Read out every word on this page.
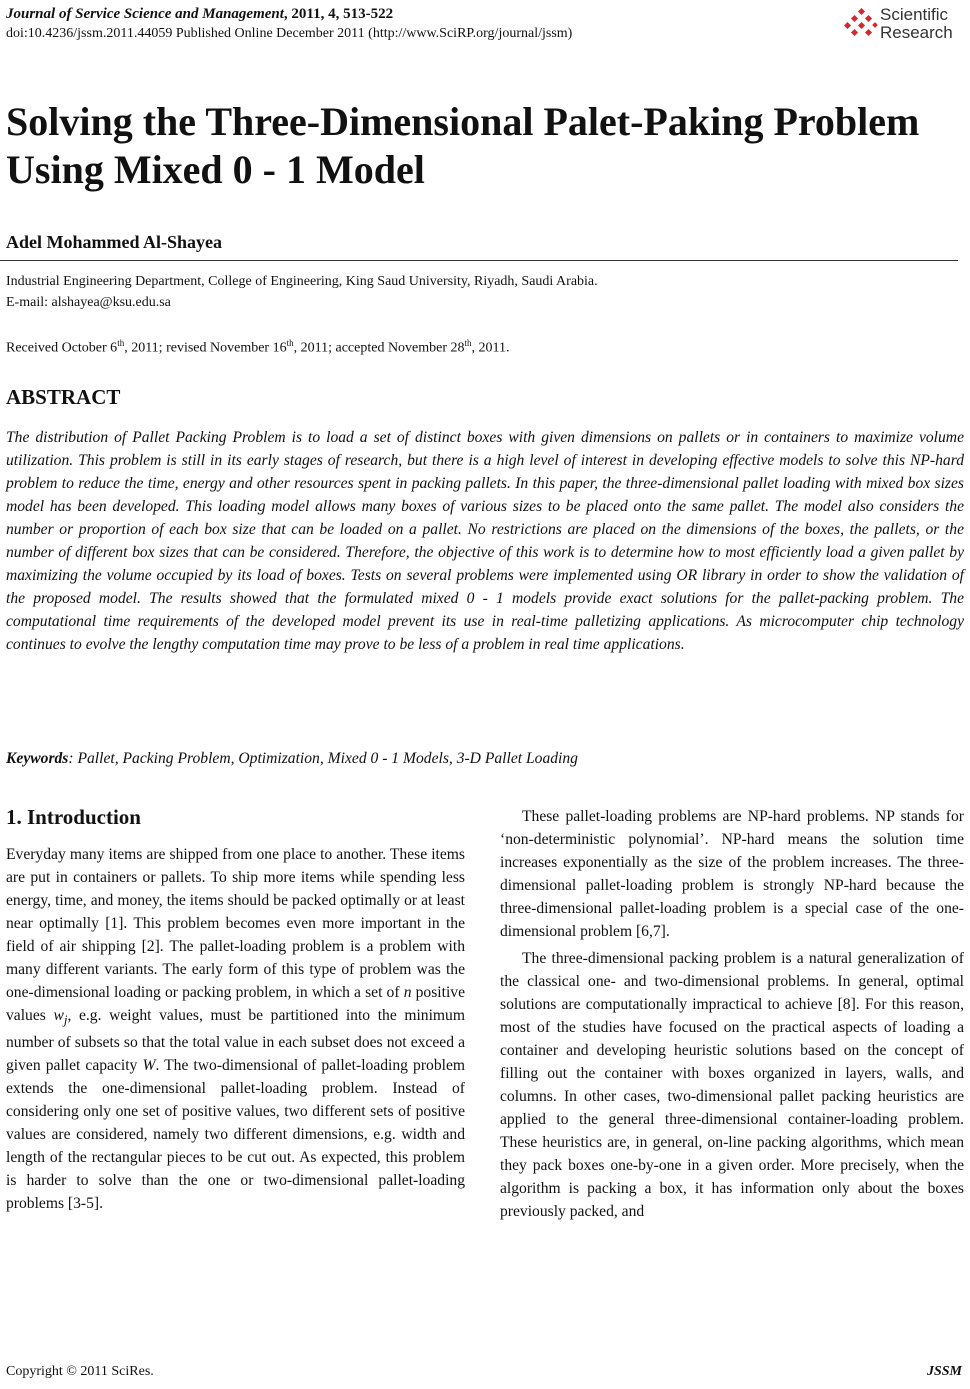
Journal of Service Science and Management, 2011, 4, 513-522
doi:10.4236/jssm.2011.44059 Published Online December 2011 (http://www.SciRP.org/journal/jssm)
Scientific
Research
Solving the Three-Dimensional Palet-Paking Problem Using Mixed 0 - 1 Model
Adel Mohammed Al-Shayea
Industrial Engineering Department, College of Engineering, King Saud University, Riyadh, Saudi Arabia.
E-mail: alshayea@ksu.edu.sa
Received October 6th, 2011; revised November 16th, 2011; accepted November 28th, 2011.
ABSTRACT
The distribution of Pallet Packing Problem is to load a set of distinct boxes with given dimensions on pallets or in containers to maximize volume utilization. This problem is still in its early stages of research, but there is a high level of interest in developing effective models to solve this NP-hard problem to reduce the time, energy and other resources spent in packing pallets. In this paper, the three-dimensional pallet loading with mixed box sizes model has been developed. This loading model allows many boxes of various sizes to be placed onto the same pallet. The model also considers the number or proportion of each box size that can be loaded on a pallet. No restrictions are placed on the dimensions of the boxes, the pallets, or the number of different box sizes that can be considered. Therefore, the objective of this work is to determine how to most efficiently load a given pallet by maximizing the volume occupied by its load of boxes. Tests on several problems were implemented using OR library in order to show the validation of the proposed model. The results showed that the formulated mixed 0 - 1 models provide exact solutions for the pallet-packing problem. The computational time requirements of the developed model prevent its use in real-time palletizing applications. As microcomputer chip technology continues to evolve the lengthy computation time may prove to be less of a problem in real time applications.
Keywords: Pallet, Packing Problem, Optimization, Mixed 0 - 1 Models, 3-D Pallet Loading
1. Introduction

Everyday many items are shipped from one place to another. These items are put in containers or pallets. To ship more items while spending less energy, time, and money, the items should be packed optimally or at least near optimally [1]. This problem becomes even more important in the field of air shipping [2]. The pallet-loading problem is a problem with many different variants. The early form of this type of problem was the one-dimensional loading or packing problem, in which a set of n positive values $w_j$, e.g. weight values, must be partitioned into the minimum number of subsets so that the total value in each subset does not exceed a given pallet capacity W. The two-dimensional of pallet-loading problem extends the one-dimensional pallet-loading problem. Instead of considering only one set of positive values, two different sets of positive values are considered, namely two different dimensions, e.g. width and length of the rectangular pieces to be cut out. As expected, this problem is harder to solve than the one or two-dimensional pallet-loading problems [3-5].

These pallet-loading problems are NP-hard problems. NP stands for ‘non-deterministic polynomial’. NP-hard means the solution time increases exponentially as the size of the problem increases. The three-dimensional pallet-loading problem is strongly NP-hard because the three-dimensional pallet-loading problem is a special case of the one-dimensional problem [6,7].

The three-dimensional packing problem is a natural generalization of the classical one- and two-dimensional problems. In general, optimal solutions are computationally impractical to achieve [8]. For this reason, most of the studies have focused on the practical aspects of loading a container and developing heuristic solutions based on the concept of filling out the container with boxes organized in layers, walls, and columns. In other cases, two-dimensional pallet packing heuristics are applied to the general three-dimensional container-loading problem. These heuristics are, in general, on-line packing algorithms, which mean they pack boxes one-by-one in a given order. More precisely, when the algorithm is packing a box, it has information only about the boxes previously packed, and

Copyright © 2011 SciRes.	JSSM
